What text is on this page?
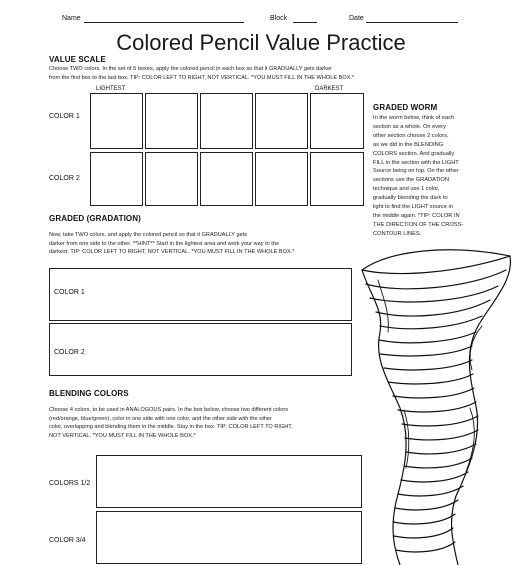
Name	Block	Date
Colored Pencil Value Practice
VALUE SCALE
Choose TWO colors. In the set of 5 boxes, apply the colored pencil in each box so that it GRADUALLY gets darker
from the first box to the last box. TIP: COLOR LEFT TO RIGHT, NOT VERTICAL. *YOU MUST FILL IN THE WHOLE BOX.*
LIGHTEST	DARKEST
COLOR 1
COLOR 2
GRADED (GRADATION)
Now, take TWO colors, and apply the colored pencil so that it GRADUALLY gets
darker from one side to the other. **HINT** Start in the lightest area and work your way to the
darkest. TIP: COLOR LEFT TO RIGHT, NOT VERTICAL. *YOU MUST FILL IN THE WHOLE BOX.*
COLOR 1
COLOR 2
BLENDING COLORS
Choose 4 colors, to be used in ANALOGOUS pairs. In the box below, choose two different colors
(red/orange, blue/green), color in one side with one color, and the other side with the other
color, overlapping and blending them in the middle. Stay in the box. TIP: COLOR LEFT TO RIGHT,
NOT VERTICAL. *YOU MUST FILL IN THE WHOLE BOX.*
COLORS 1/2
COLOR 3/4
GRADED WORM
In the worm below, think of each
section as a whole. On every
other section choose 2 colors,
as we did in the BLENDING
COLORS section. And gradually
FILL in the section with the LIGHT
Source being on top. On the other
sections use the GRADATION
technique and use 1 color,
gradually blending the dark to
light to find the LIGHT source in
the middle again. *TIP: COLOR IN
THE DIRECTION OF THE CROSS-
CONTOUR LINES.
